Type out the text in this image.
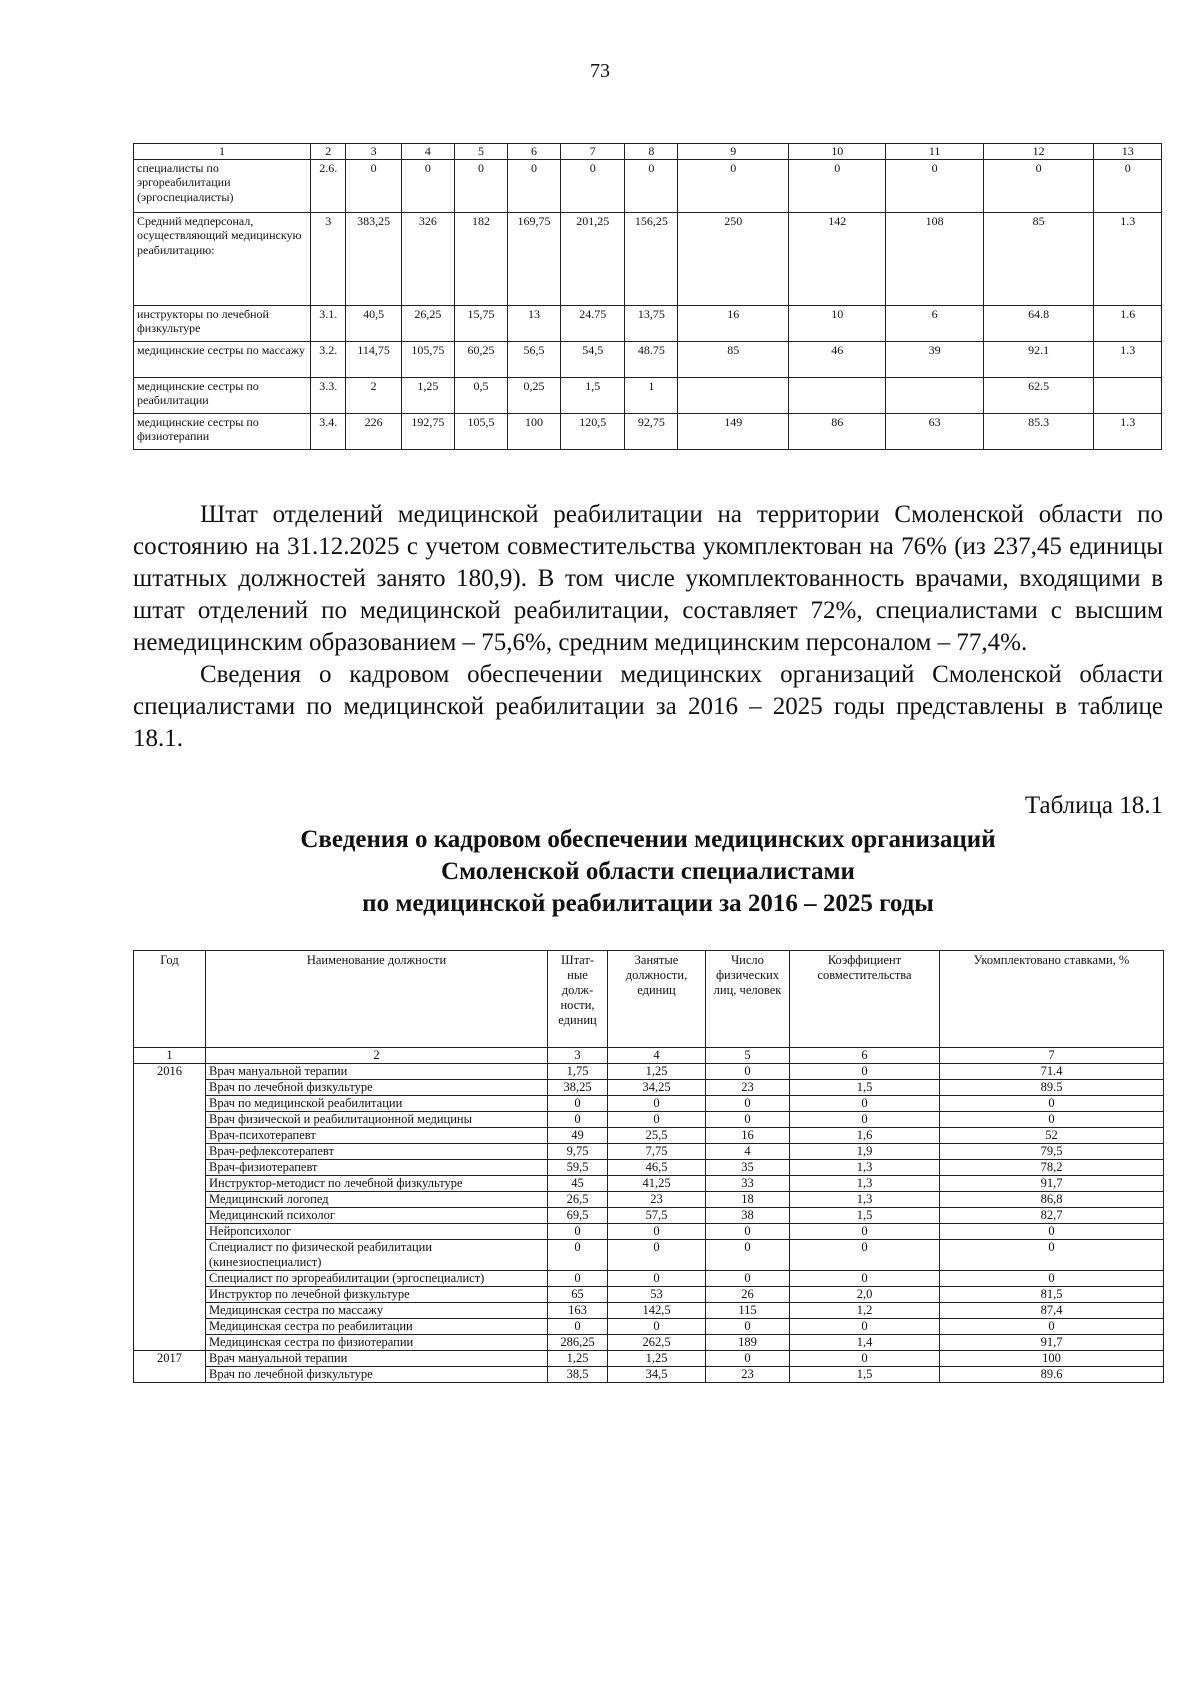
73
1	2	3	4	5	6	7	8	9	10	11	12	13
специалисты по эргореабилитации (эргоспециалисты)	2.6.	0	0	0	0	0	0	0	0	0	0	0
Средний медперсонал, осуществляющий медицинскую реабилитацию:	3	383,25	326	182	169,75	201,25	156,25	250	142	108	85	1.3
инструкторы по лечебной физкультуре	3.1.	40,5	26,25	15,75	13	24.75	13,75	16	10	6	64.8	1.6
медицинские сестры по массажу	3.2.	114,75	105,75	60,25	56,5	54,5	48.75	85	46	39	92.1	1.3
медицинские сестры по реабилитации	3.3.	2	1,25	0,5	0,25	1,5	1				62.5	
медицинские сестры по физиотерапии	3.4.	226	192,75	105,5	100	120,5	92,75	149	86	63	85.3	1.3

Штат отделений медицинской реабилитации на территории Смоленской области по состоянию на 31.12.2025 с учетом совместительства укомплектован на 76% (из 237,45 единицы штатных должностей занято 180,9). В том числе укомплектованность врачами, входящими в штат отделений по медицинской реабилитации, составляет 72%, специалистами с высшим немедицинским образованием – 75,6%, средним медицинским персоналом – 77,4%.

Сведения о кадровом обеспечении медицинских организаций Смоленской области специалистами по медицинской реабилитации за 2016 – 2025 годы представлены в таблице 18.1.

Таблица 18.1
Сведения о кадровом обеспечении медицинских организаций
Смоленской области специалистами
по медицинской реабилитации за 2016 – 2025 годы
Год	Наименование должности	Штат-ные долж-ности, единиц	Занятые должности, единиц	Число физических лиц, человек	Коэффициент совместительства	Укомплектовано ставками, %
1	2	3	4	5	6	7
2016	Врач мануальной терапии	1,75	1,25	0	0	71.4
	Врач по лечебной физкультуре	38,25	34,25	23	1,5	89.5
	Врач по медицинской реабилитации	0	0	0	0	0
	Врач физической и реабилитационной медицины	0	0	0	0	0
	Врач-психотерапевт	49	25,5	16	1,6	52
	Врач-рефлексотерапевт	9,75	7,75	4	1,9	79,5
	Врач-физиотерапевт	59,5	46,5	35	1,3	78,2
	Инструктор-методист по лечебной физкультуре	45	41,25	33	1,3	91,7
	Медицинский логопед	26,5	23	18	1,3	86,8
	Медицинский психолог	69,5	57,5	38	1,5	82,7
	Нейропсихолог	0	0	0	0	0
	Специалист по физической реабилитации (кинезиоспециалист)	0	0	0	0	0
	Специалист по эргореабилитации (эргоспециалист)	0	0	0	0	0
	Инструктор по лечебной физкультуре	65	53	26	2,0	81,5
	Медицинская сестра по массажу	163	142,5	115	1,2	87,4
	Медицинская сестра по реабилитации	0	0	0	0	0
	Медицинская сестра по физиотерапии	286,25	262,5	189	1,4	91,7
2017	Врач мануальной терапии	1,25	1,25	0	0	100
	Врач по лечебной физкультуре	38,5	34,5	23	1,5	89.6
